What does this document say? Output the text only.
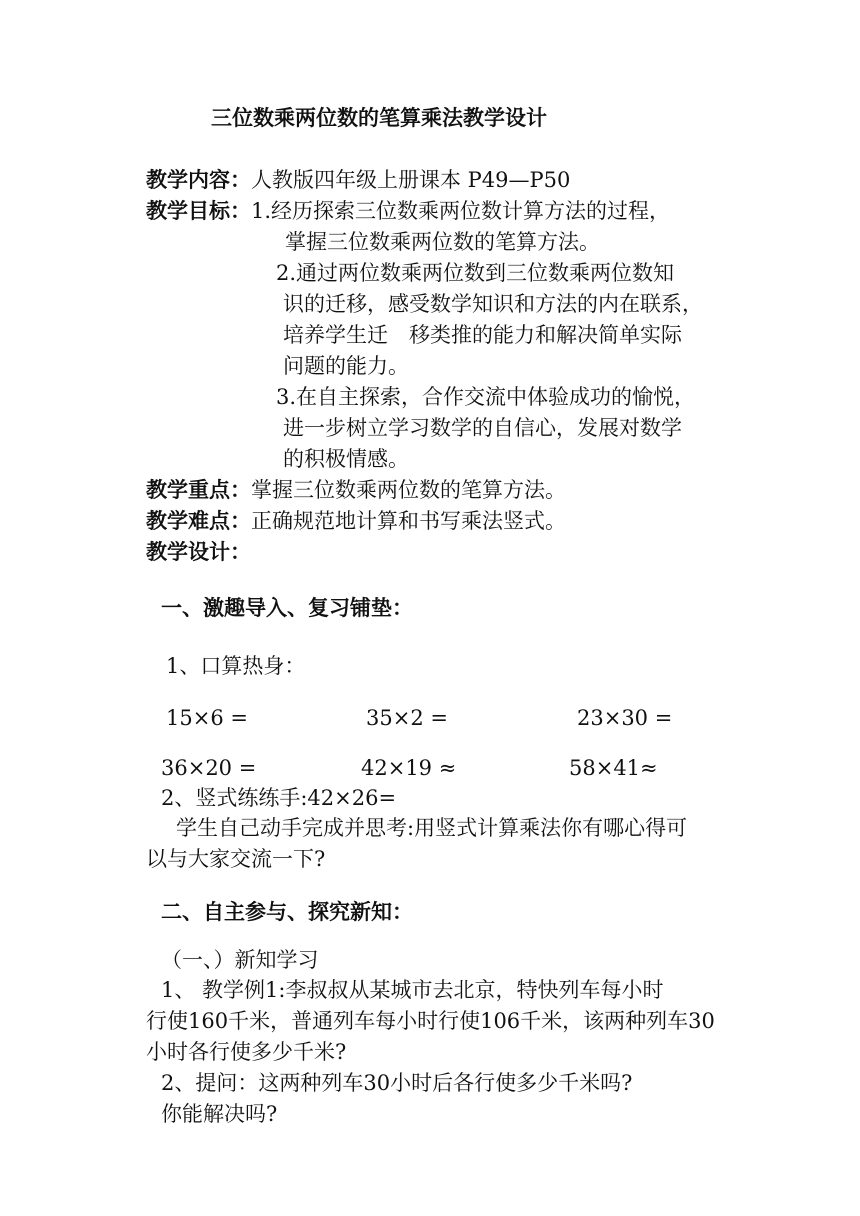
三位数乘两位数的笔算乘法教学设计
教学内容：人教版四年级上册课本 P49—P50
教学目标：1.经历探索三位数乘两位数计算方法的过程，
掌握三位数乘两位数的笔算方法。
2.通过两位数乘两位数到三位数乘两位数知
识的迁移，感受数学知识和方法的内在联系，
培养学生迁　移类推的能力和解决简单实际
问题的能力。
3.在自主探索，合作交流中体验成功的愉悦，
进一步树立学习数学的自信心，发展对数学
的积极情感。
教学重点：掌握三位数乘两位数的笔算方法。
教学难点：正确规范地计算和书写乘法竖式。
教学设计：
一、激趣导入、复习铺垫：
1、口算热身：
15×6 =	35×2 =	23×30 =
36×20 =	42×19 ≈	58×41≈
2、竖式练练手:42×26=
学生自己动手完成并思考:用竖式计算乘法你有哪心得可
以与大家交流一下?
二、自主参与、探究新知：
（一、）新知学习
1、 教学例1:李叔叔从某城市去北京，特快列车每小时
行使160千米，普通列车每小时行使106千米，该两种列车30
小时各行使多少千米?
2、提问：这两种列车30小时后各行使多少千米吗?
你能解决吗?
